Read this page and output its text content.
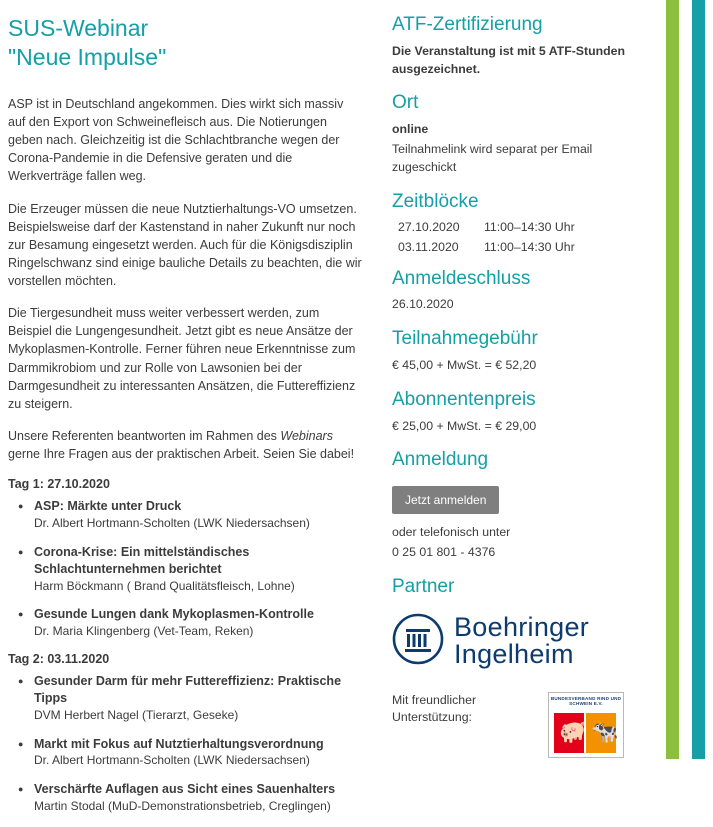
SUS-Webinar
"Neue Impulse"

ASP ist in Deutschland angekommen. Dies wirkt sich massiv auf den Export von Schweinefleisch aus. Die Notierungen geben nach. Gleichzeitig ist die Schlachtbranche wegen der Corona-Pandemie in die Defensive geraten und die Werkverträge fallen weg.

Die Erzeuger müssen die neue Nutztierhaltungs-VO umsetzen. Beispielsweise darf der Kastenstand in naher Zukunft nur noch zur Besamung eingesetzt werden. Auch für die Königsdisziplin Ringelschwanz sind einige bauliche Details zu beachten, die wir vorstellen möchten.

Die Tiergesundheit muss weiter verbessert werden, zum Beispiel die Lungengesundheit. Jetzt gibt es neue Ansätze der Mykoplasmen-Kontrolle. Ferner führen neue Erkenntnisse zum Darmmikrobiom und zur Rolle von Lawsonien bei der Darmgesundheit zu interessanten Ansätzen, die Futtereffizienz zu steigern.

Unsere Referenten beantworten im Rahmen des Webinars gerne Ihre Fragen aus der praktischen Arbeit. Seien Sie dabei!

Tag 1: 27.10.2020
● ASP: Märkte unter Druck
Dr. Albert Hortmann-Scholten (LWK Niedersachsen)
● Corona-Krise: Ein mittelständisches Schlachtunternehmen berichtet
Harm Böckmann ( Brand Qualitätsfleisch, Lohne)
● Gesunde Lungen dank Mykoplasmen-Kontrolle
Dr. Maria Klingenberg (Vet-Team, Reken)
Tag 2: 03.11.2020
● Gesunder Darm für mehr Futtereffizienz: Praktische Tipps
DVM Herbert Nagel (Tierarzt, Geseke)
● Markt mit Fokus auf Nutztierhaltungsverordnung
Dr. Albert Hortmann-Scholten (LWK Niedersachsen)
● Verschärfte Auflagen aus Sicht eines Sauenhalters
Martin Stodal (MuD-Demonstrationsbetrieb, Creglingen)
ATF-Zertifizierung
Die Veranstaltung ist mit 5 ATF-Stunden ausgezeichnet.
Ort
online
Teilnahmelink wird separat per Email zugeschickt
Zeitblöcke
27.10.2020 11:00–14:30 Uhr
03.11.2020 11:00–14:30 Uhr
Anmeldeschluss
26.10.2020
Teilnahmegebühr
€ 45,00 + MwSt. = € 52,20
Abonnentenpreis
€ 25,00 + MwSt. = € 29,00
Anmeldung
Jetzt anmelden
oder telefonisch unter
0 25 01 801 - 4376
Partner
Boehringer
Ingelheim
Mit freundlicher
Unterstützung:
BUNDESVERBAND RIND UND SCHWEIN E.V.
🐖 🐄
